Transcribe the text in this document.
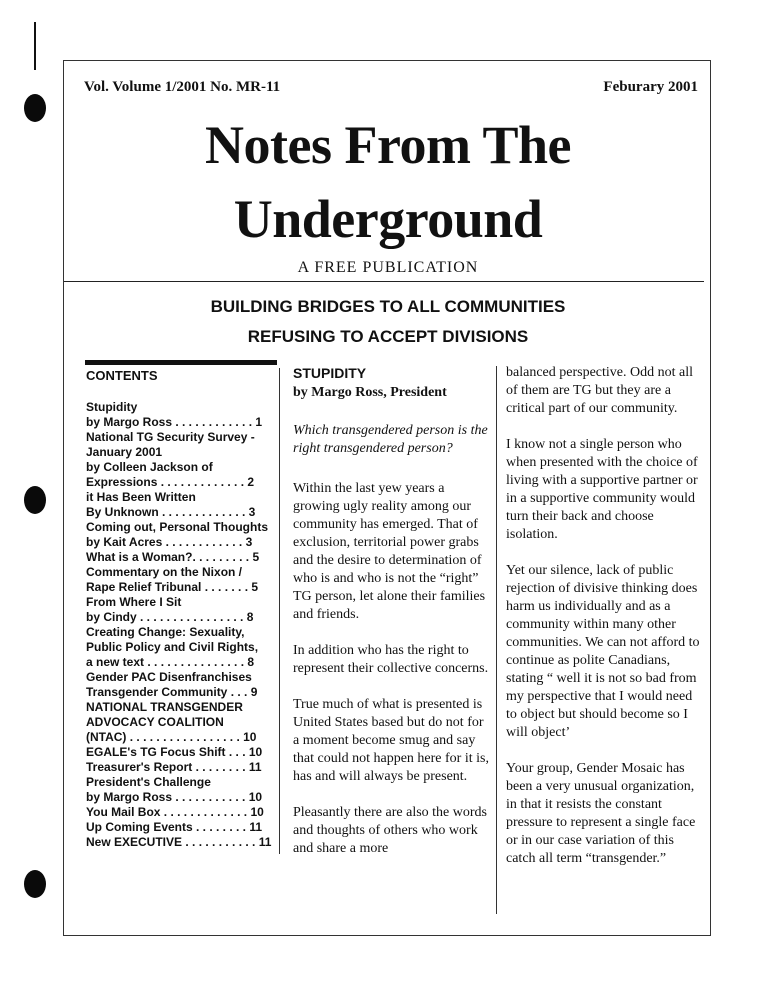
Vol. Volume 1/2001 No. MR-11	Feburary 2001
Notes From The
Underground
A FREE PUBLICATION
BUILDING BRIDGES TO ALL COMMUNITIES
REFUSING TO ACCEPT DIVISIONS
CONTENTS
Stupidity
by Margo Ross . . . . . . . . . . . . 1
National TG Security Survey -
January 2001
by Colleen Jackson of
Expressions . . . . . . . . . . . . . 2
it Has Been Written
By Unknown . . . . . . . . . . . . . 3
Coming out, Personal Thoughts
by Kait Acres . . . . . . . . . . . . 3
What is a Woman?. . . . . . . . . 5
Commentary on the Nixon /
Rape Relief Tribunal . . . . . . . 5
From Where I Sit
by Cindy . . . . . . . . . . . . . . . . 8
Creating Change: Sexuality,
Public Policy and Civil Rights,
a new text . . . . . . . . . . . . . . . 8
Gender PAC Disenfranchises
Transgender Community . . . 9
NATIONAL TRANSGENDER
ADVOCACY COALITION
(NTAC) . . . . . . . . . . . . . . . . . 10
EGALE's TG Focus Shift . . . 10
Treasurer's Report . . . . . . . . 11
President's Challenge
by Margo Ross . . . . . . . . . . . 10
You Mail Box . . . . . . . . . . . . . 10
Up Coming Events . . . . . . . . 11
New EXECUTIVE . . . . . . . . . . . 11
STUPIDITY
by Margo Ross, President
Which transgendered person is the right transgendered person?

Within the last yew years a growing ugly reality among our community has emerged. That of exclusion, territorial power grabs and the desire to determination of who is and who is not the “right” TG person, let alone their families and friends.

In addition who has the right to represent their collective concerns.

True much of what is presented is United States based but do not for a moment become smug and say that could not happen here for it is, has and will always be present.

Pleasantly there are also the words and thoughts of others who work and share a more

balanced perspective. Odd not all of them are TG but they are a critical part of our community.

I know not a single person who when presented with the choice of living with a supportive partner or in a supportive community would turn their back and choose isolation.

Yet our silence, lack of public rejection of divisive thinking does harm us individually and as a community within many other communities. We can not afford to continue as polite Canadians, stating “ well it is not so bad from my perspective that I would need to object but should become so I will object’

Your group, Gender Mosaic has been a very unusual organization, in that it resists the constant pressure to represent a single face or in our case variation of this catch all term “transgender.”
